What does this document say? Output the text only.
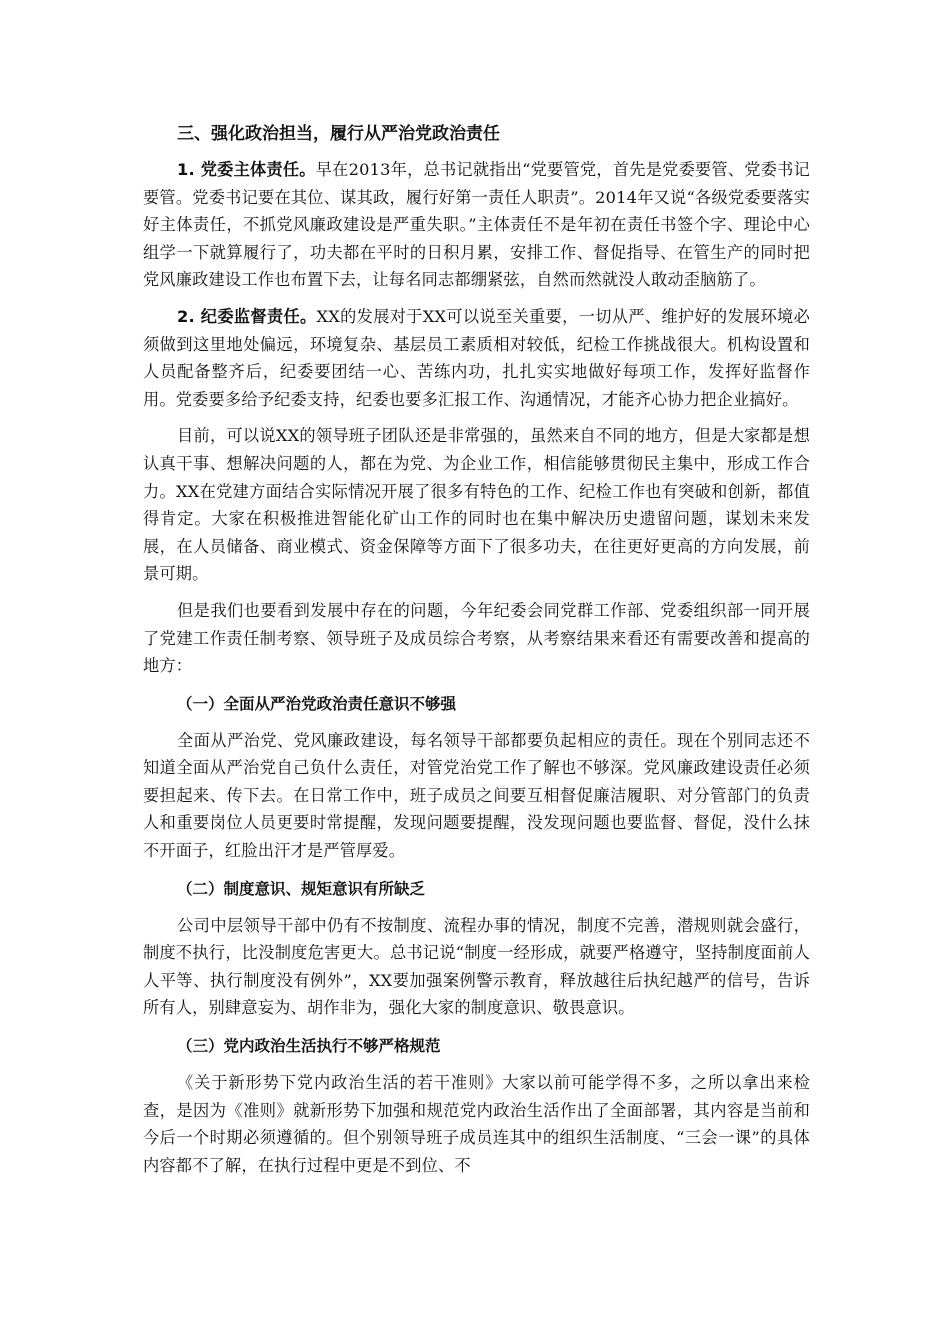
三、强化政治担当，履行从严治党政治责任

1. 党委主体责任。早在2013年，总书记就指出“党要管党，首先是党委要管、党委书记要管。党委书记要在其位、谋其政，履行好第一责任人职责”。2014年又说“各级党委要落实好主体责任，不抓党风廉政建设是严重失职。”主体责任不是年初在责任书签个字、理论中心组学一下就算履行了，功夫都在平时的日积月累，安排工作、督促指导、在管生产的同时把党风廉政建设工作也布置下去，让每名同志都绷紧弦，自然而然就没人敢动歪脑筋了。

2. 纪委监督责任。XX的发展对于XX可以说至关重要，一切从严、维护好的发展环境必须做到这里地处偏远，环境复杂、基层员工素质相对较低，纪检工作挑战很大。机构设置和人员配备整齐后，纪委要团结一心、苦练内功，扎扎实实地做好每项工作，发挥好监督作用。党委要多给予纪委支持，纪委也要多汇报工作、沟通情况，才能齐心协力把企业搞好。

目前，可以说XX的领导班子团队还是非常强的，虽然来自不同的地方，但是大家都是想认真干事、想解决问题的人，都在为党、为企业工作，相信能够贯彻民主集中，形成工作合力。XX在党建方面结合实际情况开展了很多有特色的工作、纪检工作也有突破和创新，都值得肯定。大家在积极推进智能化矿山工作的同时也在集中解决历史遗留问题，谋划未来发展，在人员储备、商业模式、资金保障等方面下了很多功夫，在往更好更高的方向发展，前景可期。

但是我们也要看到发展中存在的问题，今年纪委会同党群工作部、党委组织部一同开展了党建工作责任制考察、领导班子及成员综合考察，从考察结果来看还有需要改善和提高的地方：

（一）全面从严治党政治责任意识不够强

全面从严治党、党风廉政建设，每名领导干部都要负起相应的责任。现在个别同志还不知道全面从严治党自己负什么责任，对管党治党工作了解也不够深。党风廉政建设责任必须要担起来、传下去。在日常工作中，班子成员之间要互相督促廉洁履职、对分管部门的负责人和重要岗位人员更要时常提醒，发现问题要提醒，没发现问题也要监督、督促，没什么抹不开面子，红脸出汗才是严管厚爱。

（二）制度意识、规矩意识有所缺乏

公司中层领导干部中仍有不按制度、流程办事的情况，制度不完善，潜规则就会盛行，制度不执行，比没制度危害更大。总书记说“制度一经形成，就要严格遵守，坚持制度面前人人平等、执行制度没有例外”，XX要加强案例警示教育，释放越往后执纪越严的信号，告诉所有人，别肆意妄为、胡作非为，强化大家的制度意识、敬畏意识。

（三）党内政治生活执行不够严格规范

《关于新形势下党内政治生活的若干准则》大家以前可能学得不多，之所以拿出来检查，是因为《准则》就新形势下加强和规范党内政治生活作出了全面部署，其内容是当前和今后一个时期必须遵循的。但个别领导班子成员连其中的组织生活制度、“三会一课”的具体内容都不了解，在执行过程中更是不到位、不
